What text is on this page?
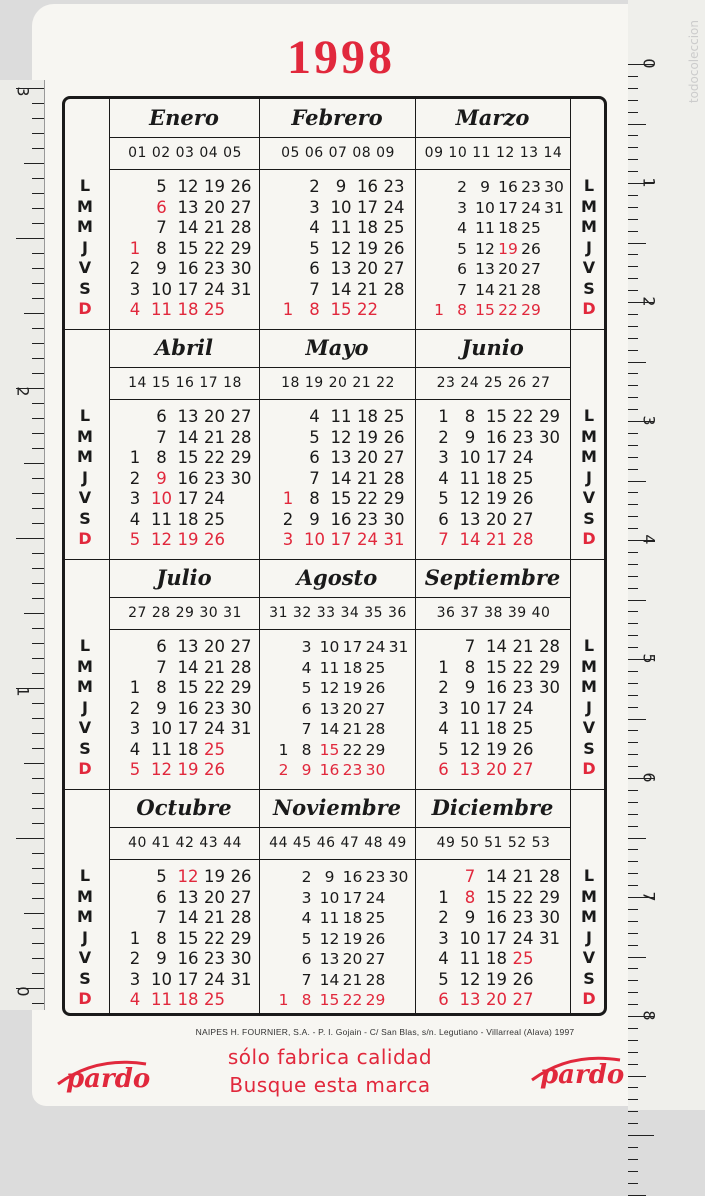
3
2
1
0
todocoleccion
0
1
2
3
4
5
6
7
8
1998
L
M
M
J
V
S
D
L
M
M
J
V
S
D
L
M
M
J
V
S
D
L
M
M
J
V
S
D
L
M
M
J
V
S
D
L
M
M
J
V
S
D
L
M
M
J
V
S
D
L
M
M
J
V
S
D
Enero
01 02 03 04 05
1
2
3
4
5
6
7
8
9
10
11
12
13
14
15
16
17
18
19
20
21
22
23
24
25
26
27
28
29
30
31
Febrero
05 06 07 08 09
1
2
3
4
5
6
7
8
9
10
11
12
13
14
15
16
17
18
19
20
21
22
23
24
25
26
27
28
Marzo
09 10 11 12 13 14
1
2
3
4
5
6
7
8
9
10
11
12
13
14
15
16
17
18
19
20
21
22
23
24
25
26
27
28
29
30
31
Abril
14 15 16 17 18
1
2
3
4
5
6
7
8
9
10
11
12
13
14
15
16
17
18
19
20
21
22
23
24
25
26
27
28
29
30
Mayo
18 19 20 21 22
1
2
3
4
5
6
7
8
9
10
11
12
13
14
15
16
17
18
19
20
21
22
23
24
25
26
27
28
29
30
31
Junio
23 24 25 26 27
1
2
3
4
5
6
7
8
9
10
11
12
13
14
15
16
17
18
19
20
21
22
23
24
25
26
27
28
29
30
Julio
27 28 29 30 31
1
2
3
4
5
6
7
8
9
10
11
12
13
14
15
16
17
18
19
20
21
22
23
24
25
26
27
28
29
30
31
Agosto
31 32 33 34 35 36
1
2
3
4
5
6
7
8
9
10
11
12
13
14
15
16
17
18
19
20
21
22
23
24
25
26
27
28
29
30
31
Septiembre
36 37 38 39 40
1
2
3
4
5
6
7
8
9
10
11
12
13
14
15
16
17
18
19
20
21
22
23
24
25
26
27
28
29
30
Octubre
40 41 42 43 44
1
2
3
4
5
6
7
8
9
10
11
12
13
14
15
16
17
18
19
20
21
22
23
24
25
26
27
28
29
30
31
Noviembre
44 45 46 47 48 49
1
2
3
4
5
6
7
8
9
10
11
12
13
14
15
16
17
18
19
20
21
22
23
24
25
26
27
28
29
30
Diciembre
49 50 51 52 53
1
2
3
4
5
6
7
8
9
10
11
12
13
14
15
16
17
18
19
20
21
22
23
24
25
26
27
28
29
30
31
NAIPES H. FOURNIER, S.A. - P. I. Gojain - C/ San Blas, s/n. Legutiano - Villarreal (Alava) 1997
sólo fabrica calidad
Busque esta marca
pardo	pardo
